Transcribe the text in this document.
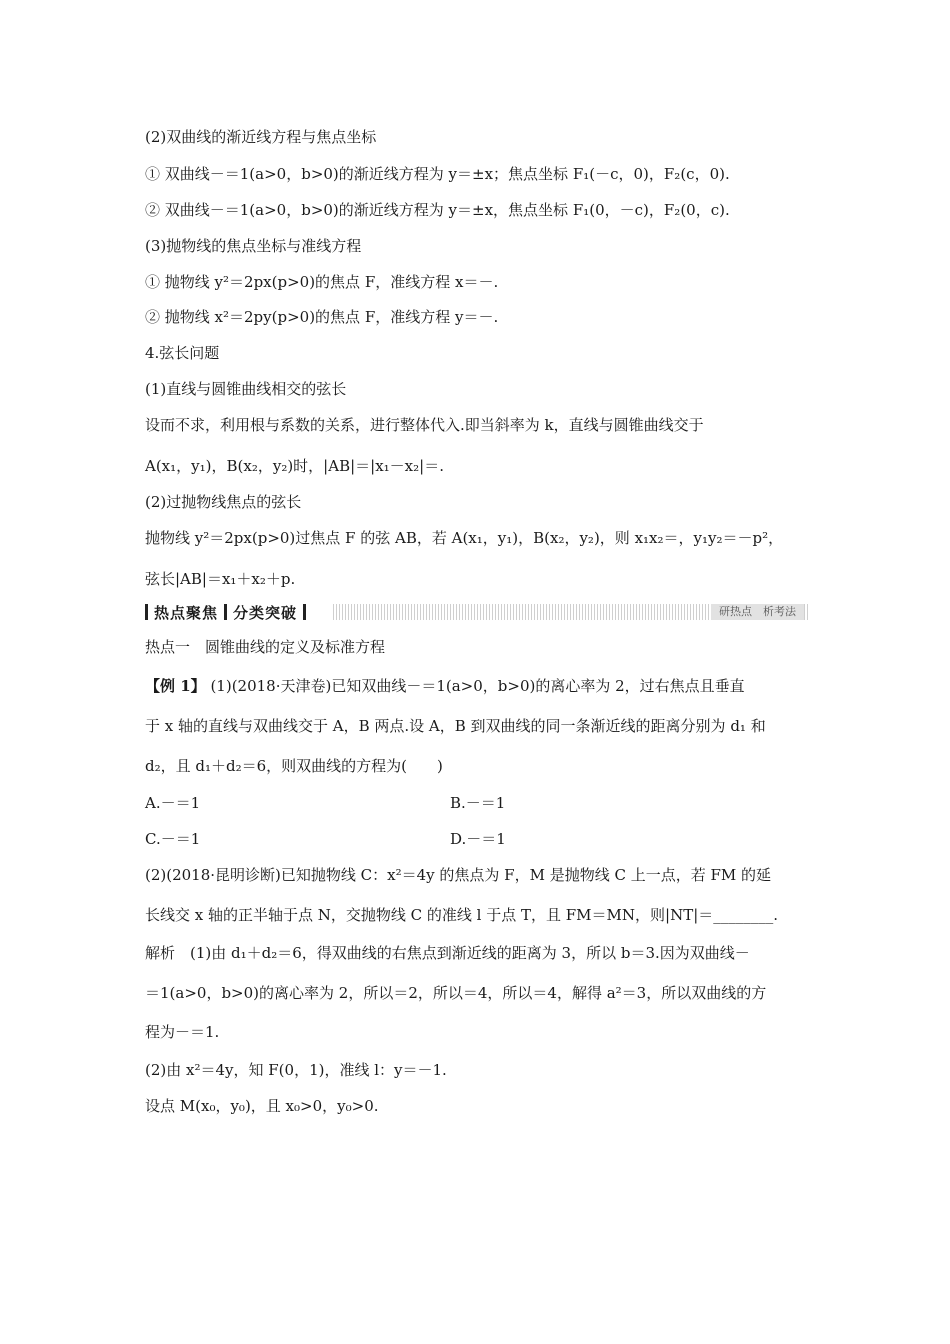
(2)双曲线的渐近线方程与焦点坐标
① 双曲线－＝1(a>0，b>0)的渐近线方程为 y＝±x；焦点坐标 F₁(－c，0)，F₂(c，0).
② 双曲线－＝1(a>0，b>0)的渐近线方程为 y＝±x，焦点坐标 F₁(0，－c)，F₂(0，c).
(3)抛物线的焦点坐标与准线方程
① 抛物线 y²＝2px(p>0)的焦点 F，准线方程 x＝－.
② 抛物线 x²＝2py(p>0)的焦点 F，准线方程 y＝－.
4.弦长问题
(1)直线与圆锥曲线相交的弦长
设而不求，利用根与系数的关系，进行整体代入.即当斜率为 k，直线与圆锥曲线交于
A(x₁，y₁)，B(x₂，y₂)时，|AB|＝|x₁－x₂|＝.
(2)过抛物线焦点的弦长
抛物线 y²＝2px(p>0)过焦点 F 的弦 AB，若 A(x₁，y₁)，B(x₂，y₂)，则 x₁x₂＝，y₁y₂＝－p²，
弦长|AB|＝x₁＋x₂＋p.
热点聚焦 分类突破	研热点　析考法
热点一　圆锥曲线的定义及标准方程
【例 1】 (1)(2018·天津卷)已知双曲线－＝1(a>0，b>0)的离心率为 2，过右焦点且垂直
于 x 轴的直线与双曲线交于 A，B 两点.设 A，B 到双曲线的同一条渐近线的距离分别为 d₁ 和
d₂，且 d₁＋d₂＝6，则双曲线的方程为(　　)
A.－＝1	B.－＝1
C.－＝1	D.－＝1
(2)(2018·昆明诊断)已知抛物线 C：x²＝4y 的焦点为 F，M 是抛物线 C 上一点，若 FM 的延
长线交 x 轴的正半轴于点 N，交抛物线 C 的准线 l 于点 T，且 FM＝MN，则|NT|＝________.
解析　(1)由 d₁＋d₂＝6，得双曲线的右焦点到渐近线的距离为 3，所以 b＝3.因为双曲线－
＝1(a>0，b>0)的离心率为 2，所以＝2，所以＝4，所以＝4，解得 a²＝3，所以双曲线的方
程为－＝1.
(2)由 x²＝4y，知 F(0，1)，准线 l：y＝－1.
设点 M(x₀，y₀)，且 x₀>0，y₀>0.
